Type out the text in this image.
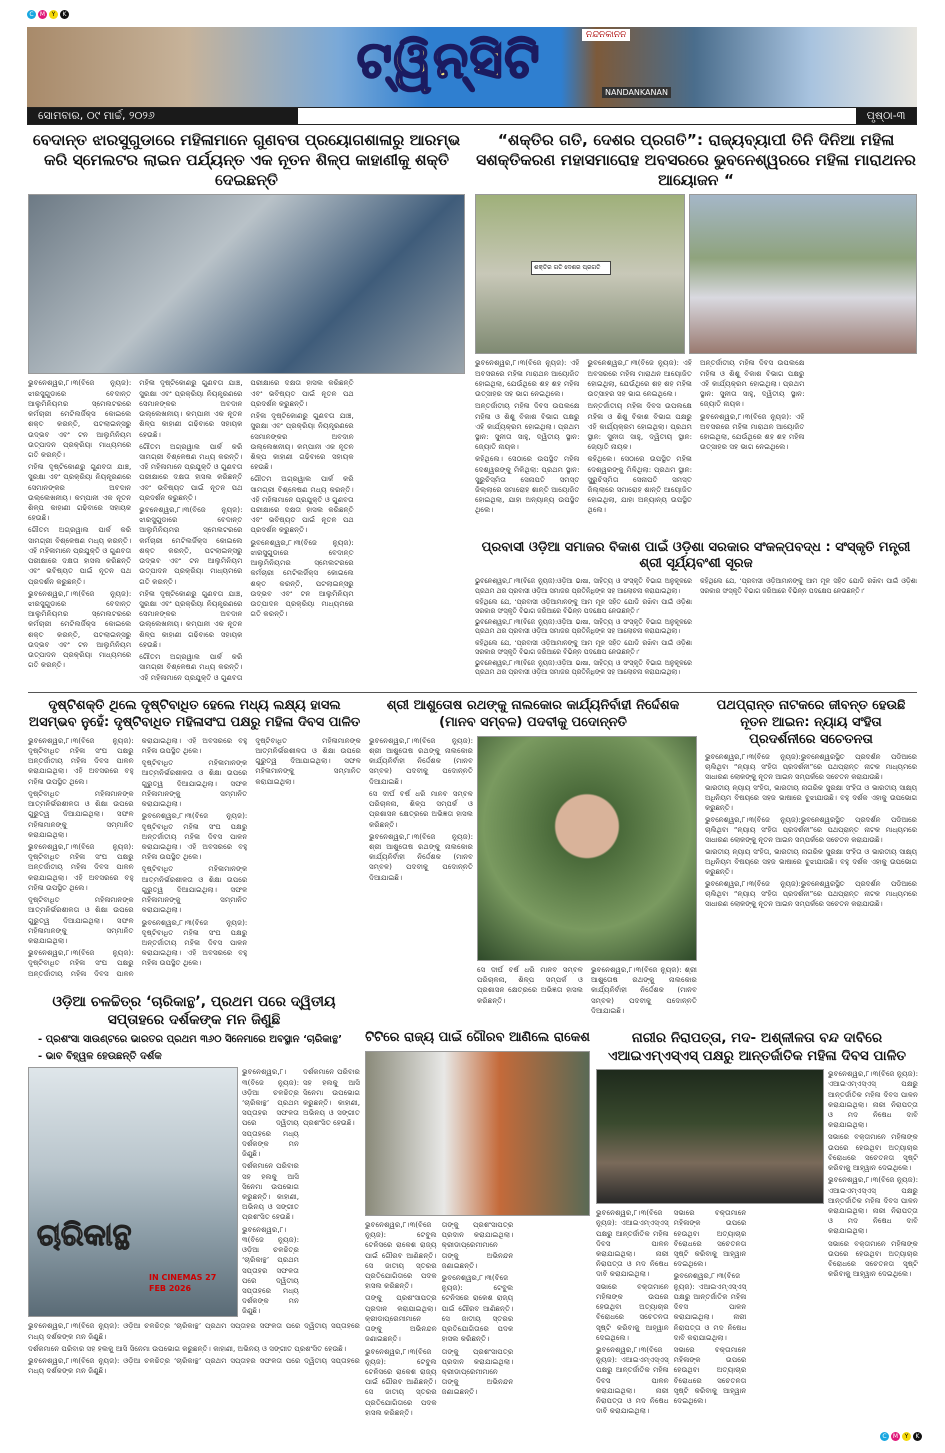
C	M	Y	K
ଟ୍ୱିନ୍‌ସିଟି	ନନ୍ଦନକାନନ
NANDANKANAN
ସୋମବାର, ୦୯ ମାର୍ଚ୍ଚ, ୨୦୨୬	ପୃଷ୍ଠା-୩
ବେଦାନ୍ତ ଝାରସୁଗୁଡାରେ ମହିଳାମାନେ ଗୁଣବତା ପ୍ରୟୋଗଶାଳାରୁ ଆରମ୍ଭ କରି ସ୍ମେଲଟର ଲାଇନ ପର୍ଯ୍ୟନ୍ତ ଏକ ନୂତନ ଶିଳ୍ପ କାହାଣୀକୁ ଶକ୍ତି ଦେଇଛନ୍ତି

ଭୁବନେଶ୍ୱର,୮।୩(ବିଜେ ନ୍ୟୁଜ): ଝାରସୁଗୁଡାରେ ବେଦାନ୍ତ ଆଲୁମିନିୟମର ସ୍ମେଲଟରରେ କର୍ମଚାରୀ ମେଟିଲର୍ଜିକ୍ସ କୋଇଲେ ଶକ୍ତ କରନ୍ତି, ପଟଲାଇନ୍ସରୁ ଉଦ୍ଭବ ଏବଂ ଟନ ଆଲୁମିନିୟମ ଉତ୍ପାଦନ ପ୍ରକ୍ରିୟା ମାଧ୍ୟମରେ ଗତି କରନ୍ତି।

ମହିଳା ଦୃଷ୍ଟିକୋଣରୁ ଗୁଣବତା ଯାଞ୍ଚ, ସୁରକ୍ଷା ଏବଂ ପ୍ରକ୍ରିୟା ନିୟନ୍ତ୍ରଣରେ ସେମାନଙ୍କର ଅବଦାନ ଉଲ୍ଲେଖନୀୟ। କମ୍ପାନୀ ଏକ ନୂତନ ଶିଳ୍ପ କାହାଣୀ ଗଢିବାରେ ସହାୟକ ହେଉଛି।

ଗୌତମ ଅଗ୍ରୱାଲ ପାର୍କ କରି ସାମଗ୍ରୀ ବିଶ୍ଳେଷଣ ମଧ୍ୟ କରନ୍ତି। ଏହି ମହିଳାମାନେ ପ୍ରଯୁକ୍ତି ଓ ଗୁଣବତା ପରୀକ୍ଷାରେ ଦକ୍ଷତା ହାସଲ କରିଛନ୍ତି ଏବଂ ଭବିଷ୍ୟତ ପାଇଁ ନୂତନ ପଥ ପ୍ରଦର୍ଶନ କରୁଛନ୍ତି।

ଭୁବନେଶ୍ୱର,୮।୩(ବିଜେ ନ୍ୟୁଜ): ଝାରସୁଗୁଡାରେ ବେଦାନ୍ତ ଆଲୁମିନିୟମର ସ୍ମେଲଟରରେ କର୍ମଚାରୀ ମେଟିଲର୍ଜିକ୍ସ କୋଇଲେ ଶକ୍ତ କରନ୍ତି, ପଟଲାଇନ୍ସରୁ ଉଦ୍ଭବ ଏବଂ ଟନ ଆଲୁମିନିୟମ ଉତ୍ପାଦନ ପ୍ରକ୍ରିୟା ମାଧ୍ୟମରେ ଗତି କରନ୍ତି।

ମହିଳା ଦୃଷ୍ଟିକୋଣରୁ ଗୁଣବତା ଯାଞ୍ଚ, ସୁରକ୍ଷା ଏବଂ ପ୍ରକ୍ରିୟା ନିୟନ୍ତ୍ରଣରେ ସେମାନଙ୍କର ଅବଦାନ ଉଲ୍ଲେଖନୀୟ। କମ୍ପାନୀ ଏକ ନୂତନ ଶିଳ୍ପ କାହାଣୀ ଗଢିବାରେ ସହାୟକ ହେଉଛି।

ଗୌତମ ଅଗ୍ରୱାଲ ପାର୍କ କରି ସାମଗ୍ରୀ ବିଶ୍ଳେଷଣ ମଧ୍ୟ କରନ୍ତି। ଏହି ମହିଳାମାନେ ପ୍ରଯୁକ୍ତି ଓ ଗୁଣବତା ପରୀକ୍ଷାରେ ଦକ୍ଷତା ହାସଲ କରିଛନ୍ତି ଏବଂ ଭବିଷ୍ୟତ ପାଇଁ ନୂତନ ପଥ ପ୍ରଦର୍ଶନ କରୁଛନ୍ତି।

ଭୁବନେଶ୍ୱର,୮।୩(ବିଜେ ନ୍ୟୁଜ): ଝାରସୁଗୁଡାରେ ବେଦାନ୍ତ ଆଲୁମିନିୟମର ସ୍ମେଲଟରରେ କର୍ମଚାରୀ ମେଟିଲର୍ଜିକ୍ସ କୋଇଲେ ଶକ୍ତ କରନ୍ତି, ପଟଲାଇନ୍ସରୁ ଉଦ୍ଭବ ଏବଂ ଟନ ଆଲୁମିନିୟମ ଉତ୍ପାଦନ ପ୍ରକ୍ରିୟା ମାଧ୍ୟମରେ ଗତି କରନ୍ତି।

ମହିଳା ଦୃଷ୍ଟିକୋଣରୁ ଗୁଣବତା ଯାଞ୍ଚ, ସୁରକ୍ଷା ଏବଂ ପ୍ରକ୍ରିୟା ନିୟନ୍ତ୍ରଣରେ ସେମାନଙ୍କର ଅବଦାନ ଉଲ୍ଲେଖନୀୟ। କମ୍ପାନୀ ଏକ ନୂତନ ଶିଳ୍ପ କାହାଣୀ ଗଢିବାରେ ସହାୟକ ହେଉଛି।

ଗୌତମ ଅଗ୍ରୱାଲ ପାର୍କ କରି ସାମଗ୍ରୀ ବିଶ୍ଳେଷଣ ମଧ୍ୟ କରନ୍ତି। ଏହି ମହିଳାମାନେ ପ୍ରଯୁକ୍ତି ଓ ଗୁଣବତା ପରୀକ୍ଷାରେ ଦକ୍ଷତା ହାସଲ କରିଛନ୍ତି ଏବଂ ଭବିଷ୍ୟତ ପାଇଁ ନୂତନ ପଥ ପ୍ରଦର୍ଶନ କରୁଛନ୍ତି।

ମହିଳା ଦୃଷ୍ଟିକୋଣରୁ ଗୁଣବତା ଯାଞ୍ଚ, ସୁରକ୍ଷା ଏବଂ ପ୍ରକ୍ରିୟା ନିୟନ୍ତ୍ରଣରେ ସେମାନଙ୍କର ଅବଦାନ ଉଲ୍ଲେଖନୀୟ। କମ୍ପାନୀ ଏକ ନୂତନ ଶିଳ୍ପ କାହାଣୀ ଗଢିବାରେ ସହାୟକ ହେଉଛି।

ଗୌତମ ଅଗ୍ରୱାଲ ପାର୍କ କରି ସାମଗ୍ରୀ ବିଶ୍ଳେଷଣ ମଧ୍ୟ କରନ୍ତି। ଏହି ମହିଳାମାନେ ପ୍ରଯୁକ୍ତି ଓ ଗୁଣବତା ପରୀକ୍ଷାରେ ଦକ୍ଷତା ହାସଲ କରିଛନ୍ତି ଏବଂ ଭବିଷ୍ୟତ ପାଇଁ ନୂତନ ପଥ ପ୍ରଦର୍ଶନ କରୁଛନ୍ତି।

ଭୁବନେଶ୍ୱର,୮।୩(ବିଜେ ନ୍ୟୁଜ): ଝାରସୁଗୁଡାରେ ବେଦାନ୍ତ ଆଲୁମିନିୟମର ସ୍ମେଲଟରରେ କର୍ମଚାରୀ ମେଟିଲର୍ଜିକ୍ସ କୋଇଲେ ଶକ୍ତ କରନ୍ତି, ପଟଲାଇନ୍ସରୁ ଉଦ୍ଭବ ଏବଂ ଟନ ଆଲୁମିନିୟମ ଉତ୍ପାଦନ ପ୍ରକ୍ରିୟା ମାଧ୍ୟମରେ ଗତି କରନ୍ତି।

“ଶକ୍ତିର ଗତି, ଦେଶର ପ୍ରଗତି”: ରାଜ୍ୟବ୍ୟାପୀ ତିନି ଦିନିଆ ମହିଳା ସଶକ୍ତିକରଣ ମହାସମାରୋହ ଅବସରରେ ଭୁବନେଶ୍ୱରରେ ମହିଳା ମାରାଥନର ଆୟୋଜନ “
ଶକ୍ତିର ଗତି ଦେଶର ପ୍ରଗତି

ଭୁବନେଶ୍ୱର,୮।୩(ବିଜେ ନ୍ୟୁଜ): ଏହି ଅବସରରେ ମହିଳା ମାରାଥନ ଆୟୋଜିତ ହୋଇଥିଲା, ଯେଉଁଥିରେ ଶହ ଶହ ମହିଳା ଉତ୍ସାହର ସହ ଭାଗ ନେଇଥିଲେ।

ଅନ୍ତର୍ଜାତୀୟ ମହିଳା ଦିବସ ଉପଲକ୍ଷେ ମହିଳା ଓ ଶିଶୁ ବିକାଶ ବିଭାଗ ପକ୍ଷରୁ ଏହି କାର୍ଯ୍ୟକ୍ରମ ହୋଇଥିଲା। ପ୍ରଥମ ସ୍ଥାନ: ସୁନୀତା ସାହୁ, ଦ୍ୱିତୀୟ ସ୍ଥାନ: ଜ୍ୟୋତି ନାୟକ।

କହିଥିଲେ। ସେଠାରେ ଉପସ୍ଥିତ ମହିଳା ଦେଶ୍ୱରଙ୍କୁ ମିଳିଥିଲା: ପ୍ରଥମ ସ୍ଥାନ: ସୁରୁଚିସ୍ମିତା ସେନାପତି ସମସ୍ତ ଜିଲ୍ଲାରେ ସମାରୋହ ଶାନ୍ତି ଆୟୋଜିତ ହୋଇଥିଲା, ଯାହା ଅନ୍ୟାନ୍ୟ ଉପସ୍ଥିତ ଥିଲେ।

ଭୁବନେଶ୍ୱର,୮।୩(ବିଜେ ନ୍ୟୁଜ): ଏହି ଅବସରରେ ମହିଳା ମାରାଥନ ଆୟୋଜିତ ହୋଇଥିଲା, ଯେଉଁଥିରେ ଶହ ଶହ ମହିଳା ଉତ୍ସାହର ସହ ଭାଗ ନେଇଥିଲେ।

ଅନ୍ତର୍ଜାତୀୟ ମହିଳା ଦିବସ ଉପଲକ୍ଷେ ମହିଳା ଓ ଶିଶୁ ବିକାଶ ବିଭାଗ ପକ୍ଷରୁ ଏହି କାର୍ଯ୍ୟକ୍ରମ ହୋଇଥିଲା। ପ୍ରଥମ ସ୍ଥାନ: ସୁନୀତା ସାହୁ, ଦ୍ୱିତୀୟ ସ୍ଥାନ: ଜ୍ୟୋତି ନାୟକ।

କହିଥିଲେ। ସେଠାରେ ଉପସ୍ଥିତ ମହିଳା ଦେଶ୍ୱରଙ୍କୁ ମିଳିଥିଲା: ପ୍ରଥମ ସ୍ଥାନ: ସୁରୁଚିସ୍ମିତା ସେନାପତି ସମସ୍ତ ଜିଲ୍ଲାରେ ସମାରୋହ ଶାନ୍ତି ଆୟୋଜିତ ହୋଇଥିଲା, ଯାହା ଅନ୍ୟାନ୍ୟ ଉପସ୍ଥିତ ଥିଲେ।

ଅନ୍ତର୍ଜାତୀୟ ମହିଳା ଦିବସ ଉପଲକ୍ଷେ ମହିଳା ଓ ଶିଶୁ ବିକାଶ ବିଭାଗ ପକ୍ଷରୁ ଏହି କାର୍ଯ୍ୟକ୍ରମ ହୋଇଥିଲା। ପ୍ରଥମ ସ୍ଥାନ: ସୁନୀତା ସାହୁ, ଦ୍ୱିତୀୟ ସ୍ଥାନ: ଜ୍ୟୋତି ନାୟକ।

ଭୁବନେଶ୍ୱର,୮।୩(ବିଜେ ନ୍ୟୁଜ): ଏହି ଅବସରରେ ମହିଳା ମାରାଥନ ଆୟୋଜିତ ହୋଇଥିଲା, ଯେଉଁଥିରେ ଶହ ଶହ ମହିଳା ଉତ୍ସାହର ସହ ଭାଗ ନେଇଥିଲେ।

ପ୍ରବାସୀ ଓଡ଼ିଆ ସମାଜର ବିକାଶ ପାଇଁ ଓଡ଼ିଶା ସରକାର ସଂକଳ୍ପବଦ୍ଧ : ସଂସ୍କୃତି ମନ୍ତ୍ରୀ ଶ୍ରୀ ସୂର୍ଯ୍ୟବଂଶୀ ସୂରଜ

ଭୁବନେଶ୍ୱର,୮।୩(ବିଜେ ନ୍ୟୁଜ):ଓଡ଼ିଆ ଭାଷା, ସାହିତ୍ୟ ଓ ସଂସ୍କୃତି ବିଭାଗ ଅନୁକୂଳରେ ପ୍ରଥମ ଥର ପ୍ରବାସୀ ଓଡ଼ିଆ ସମାଜର ପ୍ରତିନିଧିଙ୍କ ସହ ଆଲୋଚନା କରାଯାଇଥିଲା।

କହିଥିଲେ ଯେ, ‘ପ୍ରବାସୀ ଓଡ଼ିଆମାନଙ୍କୁ ଆମ ମୂଳ ସହିତ ଯୋଡି ରଖିବା ପାଇଁ ଓଡ଼ିଶା ସରକାର ସଂସ୍କୃତି ବିଭାଗ ଜରିଆରେ ବିଭିନ୍ନ ପଦକ୍ଷେପ ନେଉଛନ୍ତି।’

ଭୁବନେଶ୍ୱର,୮।୩(ବିଜେ ନ୍ୟୁଜ):ଓଡ଼ିଆ ଭାଷା, ସାହିତ୍ୟ ଓ ସଂସ୍କୃତି ବିଭାଗ ଅନୁକୂଳରେ ପ୍ରଥମ ଥର ପ୍ରବାସୀ ଓଡ଼ିଆ ସମାଜର ପ୍ରତିନିଧିଙ୍କ ସହ ଆଲୋଚନା କରାଯାଇଥିଲା।

କହିଥିଲେ ଯେ, ‘ପ୍ରବାସୀ ଓଡ଼ିଆମାନଙ୍କୁ ଆମ ମୂଳ ସହିତ ଯୋଡି ରଖିବା ପାଇଁ ଓଡ଼ିଶା ସରକାର ସଂସ୍କୃତି ବିଭାଗ ଜରିଆରେ ବିଭିନ୍ନ ପଦକ୍ଷେପ ନେଉଛନ୍ତି।’

ଭୁବନେଶ୍ୱର,୮।୩(ବିଜେ ନ୍ୟୁଜ):ଓଡ଼ିଆ ଭାଷା, ସାହିତ୍ୟ ଓ ସଂସ୍କୃତି ବିଭାଗ ଅନୁକୂଳରେ ପ୍ରଥମ ଥର ପ୍ରବାସୀ ଓଡ଼ିଆ ସମାଜର ପ୍ରତିନିଧିଙ୍କ ସହ ଆଲୋଚନା କରାଯାଇଥିଲା।

କହିଥିଲେ ଯେ, ‘ପ୍ରବାସୀ ଓଡ଼ିଆମାନଙ୍କୁ ଆମ ମୂଳ ସହିତ ଯୋଡି ରଖିବା ପାଇଁ ଓଡ଼ିଶା ସରକାର ସଂସ୍କୃତି ବିଭାଗ ଜରିଆରେ ବିଭିନ୍ନ ପଦକ୍ଷେପ ନେଉଛନ୍ତି।’

ଦୃଷ୍ଟିଶକ୍ତି ଥିଲେ ଦୃଷ୍ଟିବାଧିତ ହେଲେ ମଧ୍ୟ ଲକ୍ଷ୍ୟ ହାସଲ ଅସମ୍ଭବ ନୁହେଁ: ଦୃଷ୍ଟିବାଧିତ ମହିଳାସଂଘ ପକ୍ଷରୁ ମହିଳା ଦିବସ ପାଳିତ

ଭୁବନେଶ୍ୱର,୮।୩(ବିଜେ ନ୍ୟୁଜ): ଦୃଷ୍ଟିବାଧିତ ମହିଳା ସଂଘ ପକ୍ଷରୁ ଅନ୍ତର୍ଜାତୀୟ ମହିଳା ଦିବସ ପାଳନ କରାଯାଇଥିଲା। ଏହି ଅବସରରେ ବହୁ ମହିଳା ଉପସ୍ଥିତ ଥିଲେ।

ଦୃଷ୍ଟିବାଧିତ ମହିଳାମାନଙ୍କ ଆତ୍ମନିର୍ଭରଶୀଳତା ଓ ଶିକ୍ଷା ଉପରେ ଗୁରୁତ୍ୱ ଦିଆଯାଇଥିଲା। ସଫଳ ମହିଳାମାନଙ୍କୁ ସମ୍ମାନିତ କରାଯାଇଥିଲା।

ଭୁବନେଶ୍ୱର,୮।୩(ବିଜେ ନ୍ୟୁଜ): ଦୃଷ୍ଟିବାଧିତ ମହିଳା ସଂଘ ପକ୍ଷରୁ ଅନ୍ତର୍ଜାତୀୟ ମହିଳା ଦିବସ ପାଳନ କରାଯାଇଥିଲା। ଏହି ଅବସରରେ ବହୁ ମହିଳା ଉପସ୍ଥିତ ଥିଲେ।

ଦୃଷ୍ଟିବାଧିତ ମହିଳାମାନଙ୍କ ଆତ୍ମନିର୍ଭରଶୀଳତା ଓ ଶିକ୍ଷା ଉପରେ ଗୁରୁତ୍ୱ ଦିଆଯାଇଥିଲା। ସଫଳ ମହିଳାମାନଙ୍କୁ ସମ୍ମାନିତ କରାଯାଇଥିଲା।

ଭୁବନେଶ୍ୱର,୮।୩(ବିଜେ ନ୍ୟୁଜ): ଦୃଷ୍ଟିବାଧିତ ମହିଳା ସଂଘ ପକ୍ଷରୁ ଅନ୍ତର୍ଜାତୀୟ ମହିଳା ଦିବସ ପାଳନ କରାଯାଇଥିଲା। ଏହି ଅବସରରେ ବହୁ ମହିଳା ଉପସ୍ଥିତ ଥିଲେ।

ଦୃଷ୍ଟିବାଧିତ ମହିଳାମାନଙ୍କ ଆତ୍ମନିର୍ଭରଶୀଳତା ଓ ଶିକ୍ଷା ଉପରେ ଗୁରୁତ୍ୱ ଦିଆଯାଇଥିଲା। ସଫଳ ମହିଳାମାନଙ୍କୁ ସମ୍ମାନିତ କରାଯାଇଥିଲା।

ଭୁବନେଶ୍ୱର,୮।୩(ବିଜେ ନ୍ୟୁଜ): ଦୃଷ୍ଟିବାଧିତ ମହିଳା ସଂଘ ପକ୍ଷରୁ ଅନ୍ତର୍ଜାତୀୟ ମହିଳା ଦିବସ ପାଳନ କରାଯାଇଥିଲା। ଏହି ଅବସରରେ ବହୁ ମହିଳା ଉପସ୍ଥିତ ଥିଲେ।

ଦୃଷ୍ଟିବାଧିତ ମହିଳାମାନଙ୍କ ଆତ୍ମନିର୍ଭରଶୀଳତା ଓ ଶିକ୍ଷା ଉପରେ ଗୁରୁତ୍ୱ ଦିଆଯାଇଥିଲା। ସଫଳ ମହିଳାମାନଙ୍କୁ ସମ୍ମାନିତ କରାଯାଇଥିଲା।

ଭୁବନେଶ୍ୱର,୮।୩(ବିଜେ ନ୍ୟୁଜ): ଦୃଷ୍ଟିବାଧିତ ମହିଳା ସଂଘ ପକ୍ଷରୁ ଅନ୍ତର୍ଜାତୀୟ ମହିଳା ଦିବସ ପାଳନ କରାଯାଇଥିଲା। ଏହି ଅବସରରେ ବହୁ ମହିଳା ଉପସ୍ଥିତ ଥିଲେ।

ଦୃଷ୍ଟିବାଧିତ ମହିଳାମାନଙ୍କ ଆତ୍ମନିର୍ଭରଶୀଳତା ଓ ଶିକ୍ଷା ଉପରେ ଗୁରୁତ୍ୱ ଦିଆଯାଇଥିଲା। ସଫଳ ମହିଳାମାନଙ୍କୁ ସମ୍ମାନିତ କରାଯାଇଥିଲା।

ଶ୍ରୀ ଆଶୁତୋଷ ରଥଙ୍କୁ ନାଲକୋର କାର୍ଯ୍ୟନିର୍ବାହୀ ନିର୍ଦ୍ଦେଶକ (ମାନବ ସମ୍ବଳ) ପଦବୀକୁ ପଦୋନ୍ନତି

ଭୁବନେଶ୍ୱର,୮।୩(ବିଜେ ନ୍ୟୁଜ): ଶ୍ରୀ ଆଶୁତୋଷ ରଥଙ୍କୁ ନାଲକୋର କାର୍ଯ୍ୟନିର୍ବାହୀ ନିର୍ଦ୍ଦେଶକ (ମାନବ ସମ୍ବଳ) ପଦବୀକୁ ପଦୋନ୍ନତି ଦିଆଯାଇଛି।

ସେ ଦୀର୍ଘ ବର୍ଷ ଧରି ମାନବ ସମ୍ବଳ ପରିଚାଳନା, ଶିଳ୍ପ ସମ୍ପର୍କ ଓ ପ୍ରଶାସନ କ୍ଷେତ୍ରରେ ଅଭିଜ୍ଞତା ହାସଲ କରିଛନ୍ତି।

ଭୁବନେଶ୍ୱର,୮।୩(ବିଜେ ନ୍ୟୁଜ): ଶ୍ରୀ ଆଶୁତୋଷ ରଥଙ୍କୁ ନାଲକୋର କାର୍ଯ୍ୟନିର୍ବାହୀ ନିର୍ଦ୍ଦେଶକ (ମାନବ ସମ୍ବଳ) ପଦବୀକୁ ପଦୋନ୍ନତି ଦିଆଯାଇଛି।

ସେ ଦୀର୍ଘ ବର୍ଷ ଧରି ମାନବ ସମ୍ବଳ ପରିଚାଳନା, ଶିଳ୍ପ ସମ୍ପର୍କ ଓ ପ୍ରଶାସନ କ୍ଷେତ୍ରରେ ଅଭିଜ୍ଞତା ହାସଲ କରିଛନ୍ତି।

ଭୁବନେଶ୍ୱର,୮।୩(ବିଜେ ନ୍ୟୁଜ): ଶ୍ରୀ ଆଶୁତୋଷ ରଥଙ୍କୁ ନାଲକୋର କାର୍ଯ୍ୟନିର୍ବାହୀ ନିର୍ଦ୍ଦେଶକ (ମାନବ ସମ୍ବଳ) ପଦବୀକୁ ପଦୋନ୍ନତି ଦିଆଯାଇଛି।

ପଥପ୍ରାନ୍ତ ନାଟକରେ ଜୀବନ୍ତ ହେଉଛି ନୂତନ ଆଇନ: ନ୍ୟାୟ ସଂହିତା ପ୍ରଦର୍ଶନୀରେ ସଚେତନତା

ଭୁବନେଶ୍ୱର,୮।୩(ବିଜେ ନ୍ୟୁଜ):ଭୁବନେଶ୍ୱରସ୍ଥିତ ପ୍ରଦର୍ଶନ ପଡିଆରେ ଚାଲିଥିବା “ନ୍ୟାୟ ସଂହିତା ପ୍ରଦର୍ଶନୀ”ରେ ପଥପ୍ରାନ୍ତ ନାଟକ ମାଧ୍ୟମରେ ସାଧାରଣ ଲୋକଙ୍କୁ ନୂତନ ଆଇନ ସମ୍ପର୍କରେ ସଚେତନ କରାଯାଉଛି।

ଭାରତୀୟ ନ୍ୟାୟ ସଂହିତା, ଭାରତୀୟ ନାଗରିକ ସୁରକ୍ଷା ସଂହିତା ଓ ଭାରତୀୟ ସାକ୍ଷ୍ୟ ଅଧିନିୟମ ବିଷୟରେ ସହଜ ଭାଷାରେ ବୁଝାଯାଉଛି। ବହୁ ଦର୍ଶକ ଏହାକୁ ଉପଭୋଗ କରୁଛନ୍ତି।

ଭୁବନେଶ୍ୱର,୮।୩(ବିଜେ ନ୍ୟୁଜ):ଭୁବନେଶ୍ୱରସ୍ଥିତ ପ୍ରଦର୍ଶନ ପଡିଆରେ ଚାଲିଥିବା “ନ୍ୟାୟ ସଂହିତା ପ୍ରଦର୍ଶନୀ”ରେ ପଥପ୍ରାନ୍ତ ନାଟକ ମାଧ୍ୟମରେ ସାଧାରଣ ଲୋକଙ୍କୁ ନୂତନ ଆଇନ ସମ୍ପର୍କରେ ସଚେତନ କରାଯାଉଛି।

ଭାରତୀୟ ନ୍ୟାୟ ସଂହିତା, ଭାରତୀୟ ନାଗରିକ ସୁରକ୍ଷା ସଂହିତା ଓ ଭାରତୀୟ ସାକ୍ଷ୍ୟ ଅଧିନିୟମ ବିଷୟରେ ସହଜ ଭାଷାରେ ବୁଝାଯାଉଛି। ବହୁ ଦର୍ଶକ ଏହାକୁ ଉପଭୋଗ କରୁଛନ୍ତି।

ଭୁବନେଶ୍ୱର,୮।୩(ବିଜେ ନ୍ୟୁଜ):ଭୁବନେଶ୍ୱରସ୍ଥିତ ପ୍ରଦର୍ଶନ ପଡିଆରେ ଚାଲିଥିବା “ନ୍ୟାୟ ସଂହିତା ପ୍ରଦର୍ଶନୀ”ରେ ପଥପ୍ରାନ୍ତ ନାଟକ ମାଧ୍ୟମରେ ସାଧାରଣ ଲୋକଙ୍କୁ ନୂତନ ଆଇନ ସମ୍ପର୍କରେ ସଚେତନ କରାଯାଉଛି।

ଓଡ଼ିଆ ଚଳଚ୍ଚିତ୍ର ‘ଚାରିକାନ୍ଥ’, ପ୍ରଥମ ପରେ ଦ୍ୱିତୀୟ ସପ୍ତାହରେ ଦର୍ଶକଙ୍କ ମନ ଜିଣୁଛି
- ପ୍ରଶଂସା ସାଉଣ୍ଟରେ ଭାରତର ପ୍ରଥମ ୩୬୦ ସିନେମାରେ ଅବସ୍ଥାନ ‘ଚାରିକାନ୍ଥ’
- ଭାବ ବିହ୍ୱଳ ହେଉଛନ୍ତି ଦର୍ଶକ
ଚାରିକାନ୍ଥ
IN CINEMAS 27 FEB 2026

ଭୁବନେଶ୍ୱର,୮।୩(ବିଜେ ନ୍ୟୁଜ): ଓଡ଼ିଆ ଚଳଚ୍ଚିତ୍ର ‘ଚାରିକାନ୍ଥ’ ପ୍ରଥମ ସପ୍ତାହର ସଫଳତା ପରେ ଦ୍ୱିତୀୟ ସପ୍ତାହରେ ମଧ୍ୟ ଦର୍ଶକଙ୍କ ମନ ଜିଣୁଛି।

ଦର୍ଶକମାନେ ପରିବାର ସହ ହଲକୁ ଆସି ସିନେମା ଉପଭୋଗ କରୁଛନ୍ତି। କାହାଣୀ, ଅଭିନୟ ଓ ସଙ୍ଗୀତ ପ୍ରଶଂସିତ ହେଉଛି।

ଭୁବନେଶ୍ୱର,୮।୩(ବିଜେ ନ୍ୟୁଜ): ଓଡ଼ିଆ ଚଳଚ୍ଚିତ୍ର ‘ଚାରିକାନ୍ଥ’ ପ୍ରଥମ ସପ୍ତାହର ସଫଳତା ପରେ ଦ୍ୱିତୀୟ ସପ୍ତାହରେ ମଧ୍ୟ ଦର୍ଶକଙ୍କ ମନ ଜିଣୁଛି।

ଦର୍ଶକମାନେ ପରିବାର ସହ ହଲକୁ ଆସି ସିନେମା ଉପଭୋଗ କରୁଛନ୍ତି। କାହାଣୀ, ଅଭିନୟ ଓ ସଙ୍ଗୀତ ପ୍ରଶଂସିତ ହେଉଛି।

ଭୁବନେଶ୍ୱର,୮।୩(ବିଜେ ନ୍ୟୁଜ): ଓଡ଼ିଆ ଚଳଚ୍ଚିତ୍ର ‘ଚାରିକାନ୍ଥ’ ପ୍ରଥମ ସପ୍ତାହର ସଫଳତା ପରେ ଦ୍ୱିତୀୟ ସପ୍ତାହରେ ମଧ୍ୟ ଦର୍ଶକଙ୍କ ମନ ଜିଣୁଛି।

ଦର୍ଶକମାନେ ପରିବାର ସହ ହଲକୁ ଆସି ସିନେମା ଉପଭୋଗ କରୁଛନ୍ତି। କାହାଣୀ, ଅଭିନୟ ଓ ସଙ୍ଗୀତ ପ୍ରଶଂସିତ ହେଉଛି।

ଭୁବନେଶ୍ୱର,୮।୩(ବିଜେ ନ୍ୟୁଜ): ଓଡ଼ିଆ ଚଳଚ୍ଚିତ୍ର ‘ଚାରିକାନ୍ଥ’ ପ୍ରଥମ ସପ୍ତାହର ସଫଳତା ପରେ ଦ୍ୱିତୀୟ ସପ୍ତାହରେ ମଧ୍ୟ ଦର୍ଶକଙ୍କ ମନ ଜିଣୁଛି।

ଟିଟିରେ ରାଜ୍ୟ ପାଇଁ ଗୌରବ ଆଣିଲେ ରାକେଶ

ଭୁବନେଶ୍ୱର,୮।୩(ବିଜେ ନ୍ୟୁଜ): ଟେବୁଲ ଟେନିସରେ ରାକେଶ ରାଜ୍ୟ ପାଇଁ ଗୌରବ ଆଣିଛନ୍ତି। ସେ ଜାତୀୟ ସ୍ତରର ପ୍ରତିଯୋଗିତାରେ ପଦକ ହାସଲ କରିଛନ୍ତି।

ତାଙ୍କୁ ପ୍ରଶଂସାପତ୍ର ପ୍ରଦାନ କରାଯାଇଥିଲା। କ୍ରୀଡାପ୍ରେମୀମାନେ ତାଙ୍କୁ ଅଭିନନ୍ଦନ ଜଣାଇଛନ୍ତି।

ଭୁବନେଶ୍ୱର,୮।୩(ବିଜେ ନ୍ୟୁଜ): ଟେବୁଲ ଟେନିସରେ ରାକେଶ ରାଜ୍ୟ ପାଇଁ ଗୌରବ ଆଣିଛନ୍ତି। ସେ ଜାତୀୟ ସ୍ତରର ପ୍ରତିଯୋଗିତାରେ ପଦକ ହାସଲ କରିଛନ୍ତି।

ତାଙ୍କୁ ପ୍ରଶଂସାପତ୍ର ପ୍ରଦାନ କରାଯାଇଥିଲା। କ୍ରୀଡାପ୍ରେମୀମାନେ ତାଙ୍କୁ ଅଭିନନ୍ଦନ ଜଣାଇଛନ୍ତି।

ଭୁବନେଶ୍ୱର,୮।୩(ବିଜେ ନ୍ୟୁଜ): ଟେବୁଲ ଟେନିସରେ ରାକେଶ ରାଜ୍ୟ ପାଇଁ ଗୌରବ ଆଣିଛନ୍ତି। ସେ ଜାତୀୟ ସ୍ତରର ପ୍ରତିଯୋଗିତାରେ ପଦକ ହାସଲ କରିଛନ୍ତି।

ତାଙ୍କୁ ପ୍ରଶଂସାପତ୍ର ପ୍ରଦାନ କରାଯାଇଥିଲା। କ୍ରୀଡାପ୍ରେମୀମାନେ ତାଙ୍କୁ ଅଭିନନ୍ଦନ ଜଣାଇଛନ୍ତି।

ନାରୀର ନିରାପତ୍ତା, ମଦ- ଅଶ୍ଳୀଳତା ବନ୍ଦ ଦାବିରେ ଏଆଇଏମ୍‌ଏସ୍‌ଏସ୍ ପକ୍ଷରୁ ଆନ୍ତର୍ଜାତିକ ମହିଳା ଦିବସ ପାଳିତ

ଭୁବନେଶ୍ୱର,୮।୩(ବିଜେ ନ୍ୟୁଜ): ଏଆଇଏମ୍‌ଏସ୍‌ଏସ୍ ପକ୍ଷରୁ ଆନ୍ତର୍ଜାତିକ ମହିଳା ଦିବସ ପାଳନ କରାଯାଇଥିଲା। ନାରୀ ନିରାପତ୍ତା ଓ ମଦ ନିଷେଧ ଦାବି କରାଯାଇଥିଲା।

ସଭାରେ ବକ୍ତାମାନେ ମହିଳାଙ୍କ ଉପରେ ହେଉଥିବା ଅତ୍ୟାଚାର ବିରୋଧରେ ସଚେତନତା ସୃଷ୍ଟି କରିବାକୁ ଆହ୍ୱାନ ଦେଇଥିଲେ।

ଭୁବନେଶ୍ୱର,୮।୩(ବିଜେ ନ୍ୟୁଜ): ଏଆଇଏମ୍‌ଏସ୍‌ଏସ୍ ପକ୍ଷରୁ ଆନ୍ତର୍ଜାତିକ ମହିଳା ଦିବସ ପାଳନ କରାଯାଇଥିଲା। ନାରୀ ନିରାପତ୍ତା ଓ ମଦ ନିଷେଧ ଦାବି କରାଯାଇଥିଲା।

ସଭାରେ ବକ୍ତାମାନେ ମହିଳାଙ୍କ ଉପରେ ହେଉଥିବା ଅତ୍ୟାଚାର ବିରୋଧରେ ସଚେତନତା ସୃଷ୍ଟି କରିବାକୁ ଆହ୍ୱାନ ଦେଇଥିଲେ।

ଭୁବନେଶ୍ୱର,୮।୩(ବିଜେ ନ୍ୟୁଜ): ଏଆଇଏମ୍‌ଏସ୍‌ଏସ୍ ପକ୍ଷରୁ ଆନ୍ତର୍ଜାତିକ ମହିଳା ଦିବସ ପାଳନ କରାଯାଇଥିଲା। ନାରୀ ନିରାପତ୍ତା ଓ ମଦ ନିଷେଧ ଦାବି କରାଯାଇଥିଲା।

ସଭାରେ ବକ୍ତାମାନେ ମହିଳାଙ୍କ ଉପରେ ହେଉଥିବା ଅତ୍ୟାଚାର ବିରୋଧରେ ସଚେତନତା ସୃଷ୍ଟି କରିବାକୁ ଆହ୍ୱାନ ଦେଇଥିଲେ।

ଭୁବନେଶ୍ୱର,୮।୩(ବିଜେ ନ୍ୟୁଜ): ଏଆଇଏମ୍‌ଏସ୍‌ଏସ୍ ପକ୍ଷରୁ ଆନ୍ତର୍ଜାତିକ ମହିଳା ଦିବସ ପାଳନ କରାଯାଇଥିଲା। ନାରୀ ନିରାପତ୍ତା ଓ ମଦ ନିଷେଧ ଦାବି କରାଯାଇଥିଲା।

ସଭାରେ ବକ୍ତାମାନେ ମହିଳାଙ୍କ ଉପରେ ହେଉଥିବା ଅତ୍ୟାଚାର ବିରୋଧରେ ସଚେତନତା ସୃଷ୍ଟି କରିବାକୁ ଆହ୍ୱାନ ଦେଇଥିଲେ।

ଭୁବନେଶ୍ୱର,୮।୩(ବିଜେ ନ୍ୟୁଜ): ଏଆଇଏମ୍‌ଏସ୍‌ଏସ୍ ପକ୍ଷରୁ ଆନ୍ତର୍ଜାତିକ ମହିଳା ଦିବସ ପାଳନ କରାଯାଇଥିଲା। ନାରୀ ନିରାପତ୍ତା ଓ ମଦ ନିଷେଧ ଦାବି କରାଯାଇଥିଲା।

ସଭାରେ ବକ୍ତାମାନେ ମହିଳାଙ୍କ ଉପରେ ହେଉଥିବା ଅତ୍ୟାଚାର ବିରୋଧରେ ସଚେତନତା ସୃଷ୍ଟି କରିବାକୁ ଆହ୍ୱାନ ଦେଇଥିଲେ।

C	M	Y	K
